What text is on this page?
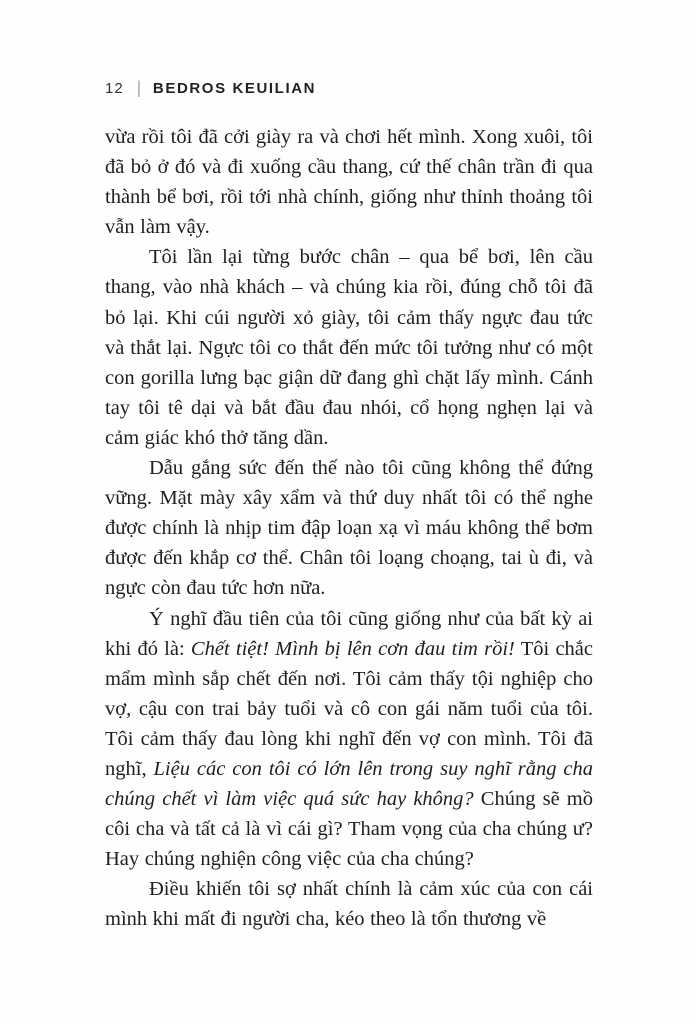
12 | BEDROS KEUILIAN

vừa rồi tôi đã cởi giày ra và chơi hết mình. Xong xuôi, tôi đã bỏ ở đó và đi xuống cầu thang, cứ thế chân trần đi qua thành bể bơi, rồi tới nhà chính, giống như thỉnh thoảng tôi vẫn làm vậy.

Tôi lần lại từng bước chân – qua bể bơi, lên cầu thang, vào nhà khách – và chúng kia rồi, đúng chỗ tôi đã bỏ lại. Khi cúi người xỏ giày, tôi cảm thấy ngực đau tức và thắt lại. Ngực tôi co thắt đến mức tôi tưởng như có một con gorilla lưng bạc giận dữ đang ghì chặt lấy mình. Cánh tay tôi tê dại và bắt đầu đau nhói, cổ họng nghẹn lại và cảm giác khó thở tăng dần.

Dẫu gắng sức đến thế nào tôi cũng không thể đứng vững. Mặt mày xây xẩm và thứ duy nhất tôi có thể nghe được chính là nhịp tim đập loạn xạ vì máu không thể bơm được đến khắp cơ thể. Chân tôi loạng choạng, tai ù đi, và ngực còn đau tức hơn nữa.

Ý nghĩ đầu tiên của tôi cũng giống như của bất kỳ ai khi đó là: Chết tiệt! Mình bị lên cơn đau tim rồi! Tôi chắc mẩm mình sắp chết đến nơi. Tôi cảm thấy tội nghiệp cho vợ, cậu con trai bảy tuổi và cô con gái năm tuổi của tôi. Tôi cảm thấy đau lòng khi nghĩ đến vợ con mình. Tôi đã nghĩ, Liệu các con tôi có lớn lên trong suy nghĩ rằng cha chúng chết vì làm việc quá sức hay không? Chúng sẽ mồ côi cha và tất cả là vì cái gì? Tham vọng của cha chúng ư? Hay chúng nghiện công việc của cha chúng?

Điều khiến tôi sợ nhất chính là cảm xúc của con cái mình khi mất đi người cha, kéo theo là tổn thương về
